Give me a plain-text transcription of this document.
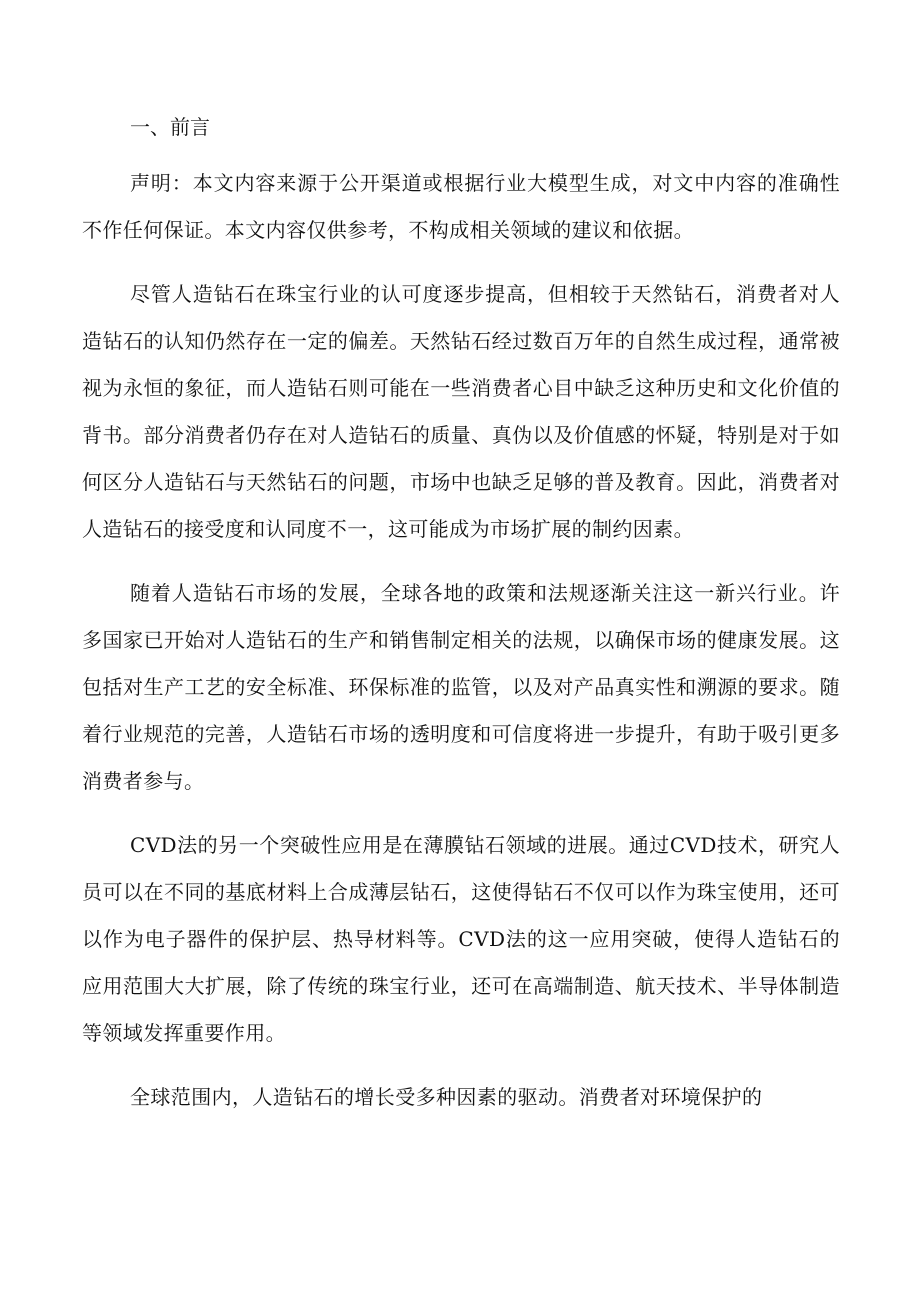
一、前言

声明：本文内容来源于公开渠道或根据行业大模型生成，对文中内容的准确性不作任何保证。本文内容仅供参考，不构成相关领域的建议和依据。

尽管人造钻石在珠宝行业的认可度逐步提高，但相较于天然钻石，消费者对人造钻石的认知仍然存在一定的偏差。天然钻石经过数百万年的自然生成过程，通常被视为永恒的象征，而人造钻石则可能在一些消费者心目中缺乏这种历史和文化价值的背书。部分消费者仍存在对人造钻石的质量、真伪以及价值感的怀疑，特别是对于如何区分人造钻石与天然钻石的问题，市场中也缺乏足够的普及教育。因此，消费者对人造钻石的接受度和认同度不一，这可能成为市场扩展的制约因素。

随着人造钻石市场的发展，全球各地的政策和法规逐渐关注这一新兴行业。许多国家已开始对人造钻石的生产和销售制定相关的法规，以确保市场的健康发展。这包括对生产工艺的安全标准、环保标准的监管，以及对产品真实性和溯源的要求。随着行业规范的完善，人造钻石市场的透明度和可信度将进一步提升，有助于吸引更多消费者参与。

CVD法的另一个突破性应用是在薄膜钻石领域的进展。通过CVD技术，研究人员可以在不同的基底材料上合成薄层钻石，这使得钻石不仅可以作为珠宝使用，还可以作为电子器件的保护层、热导材料等。CVD法的这一应用突破，使得人造钻石的应用范围大大扩展，除了传统的珠宝行业，还可在高端制造、航天技术、半导体制造等领域发挥重要作用。

全球范围内，人造钻石的增长受多种因素的驱动。消费者对环境保护的
